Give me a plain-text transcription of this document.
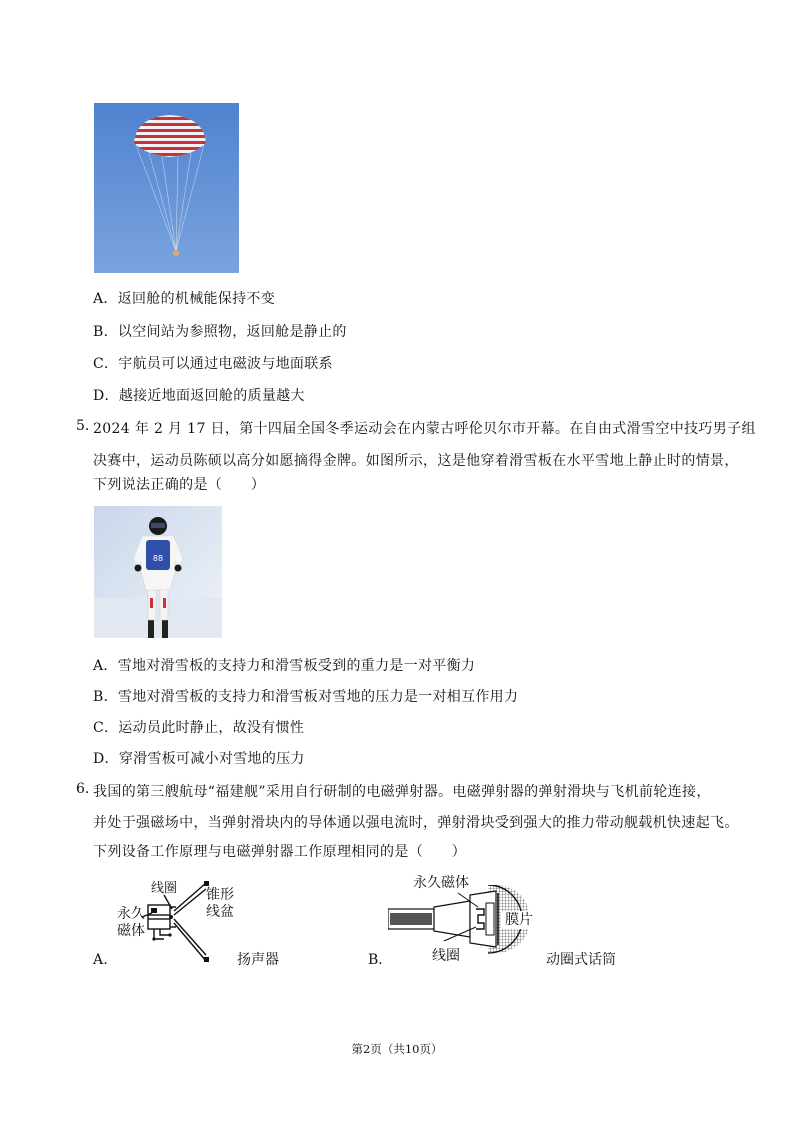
A．返回舱的机械能保持不变
B．以空间站为参照物，返回舱是静止的
C．宇航员可以通过电磁波与地面联系
D．越接近地面返回舱的质量越大
5. 2024 年 2 月 17 日，第十四届全国冬季运动会在内蒙古呼伦贝尔市开幕。在自由式滑雪空中技巧男子组
决赛中，运动员陈硕以高分如愿摘得金牌。如图所示，这是他穿着滑雪板在水平雪地上静止时的情景，
下列说法正确的是（　　）
88
A．雪地对滑雪板的支持力和滑雪板受到的重力是一对平衡力
B．雪地对滑雪板的支持力和滑雪板对雪地的压力是一对相互作用力
C．运动员此时静止，故没有惯性
D．穿滑雪板可减小对雪地的压力
6. 我国的第三艘航母“福建舰”采用自行研制的电磁弹射器。电磁弹射器的弹射滑块与飞机前轮连接，
并处于强磁场中，当弹射滑块内的导体通以强电流时，弹射滑块受到强大的推力带动舰载机快速起飞。
下列设备工作原理与电磁弹射器工作原理相同的是（　　）
A．
线圈 锥形
线盆
永久
磁体
扬声器	B．
永久磁体
膜片
线圈	动圈式话筒
第2页（共10页）
